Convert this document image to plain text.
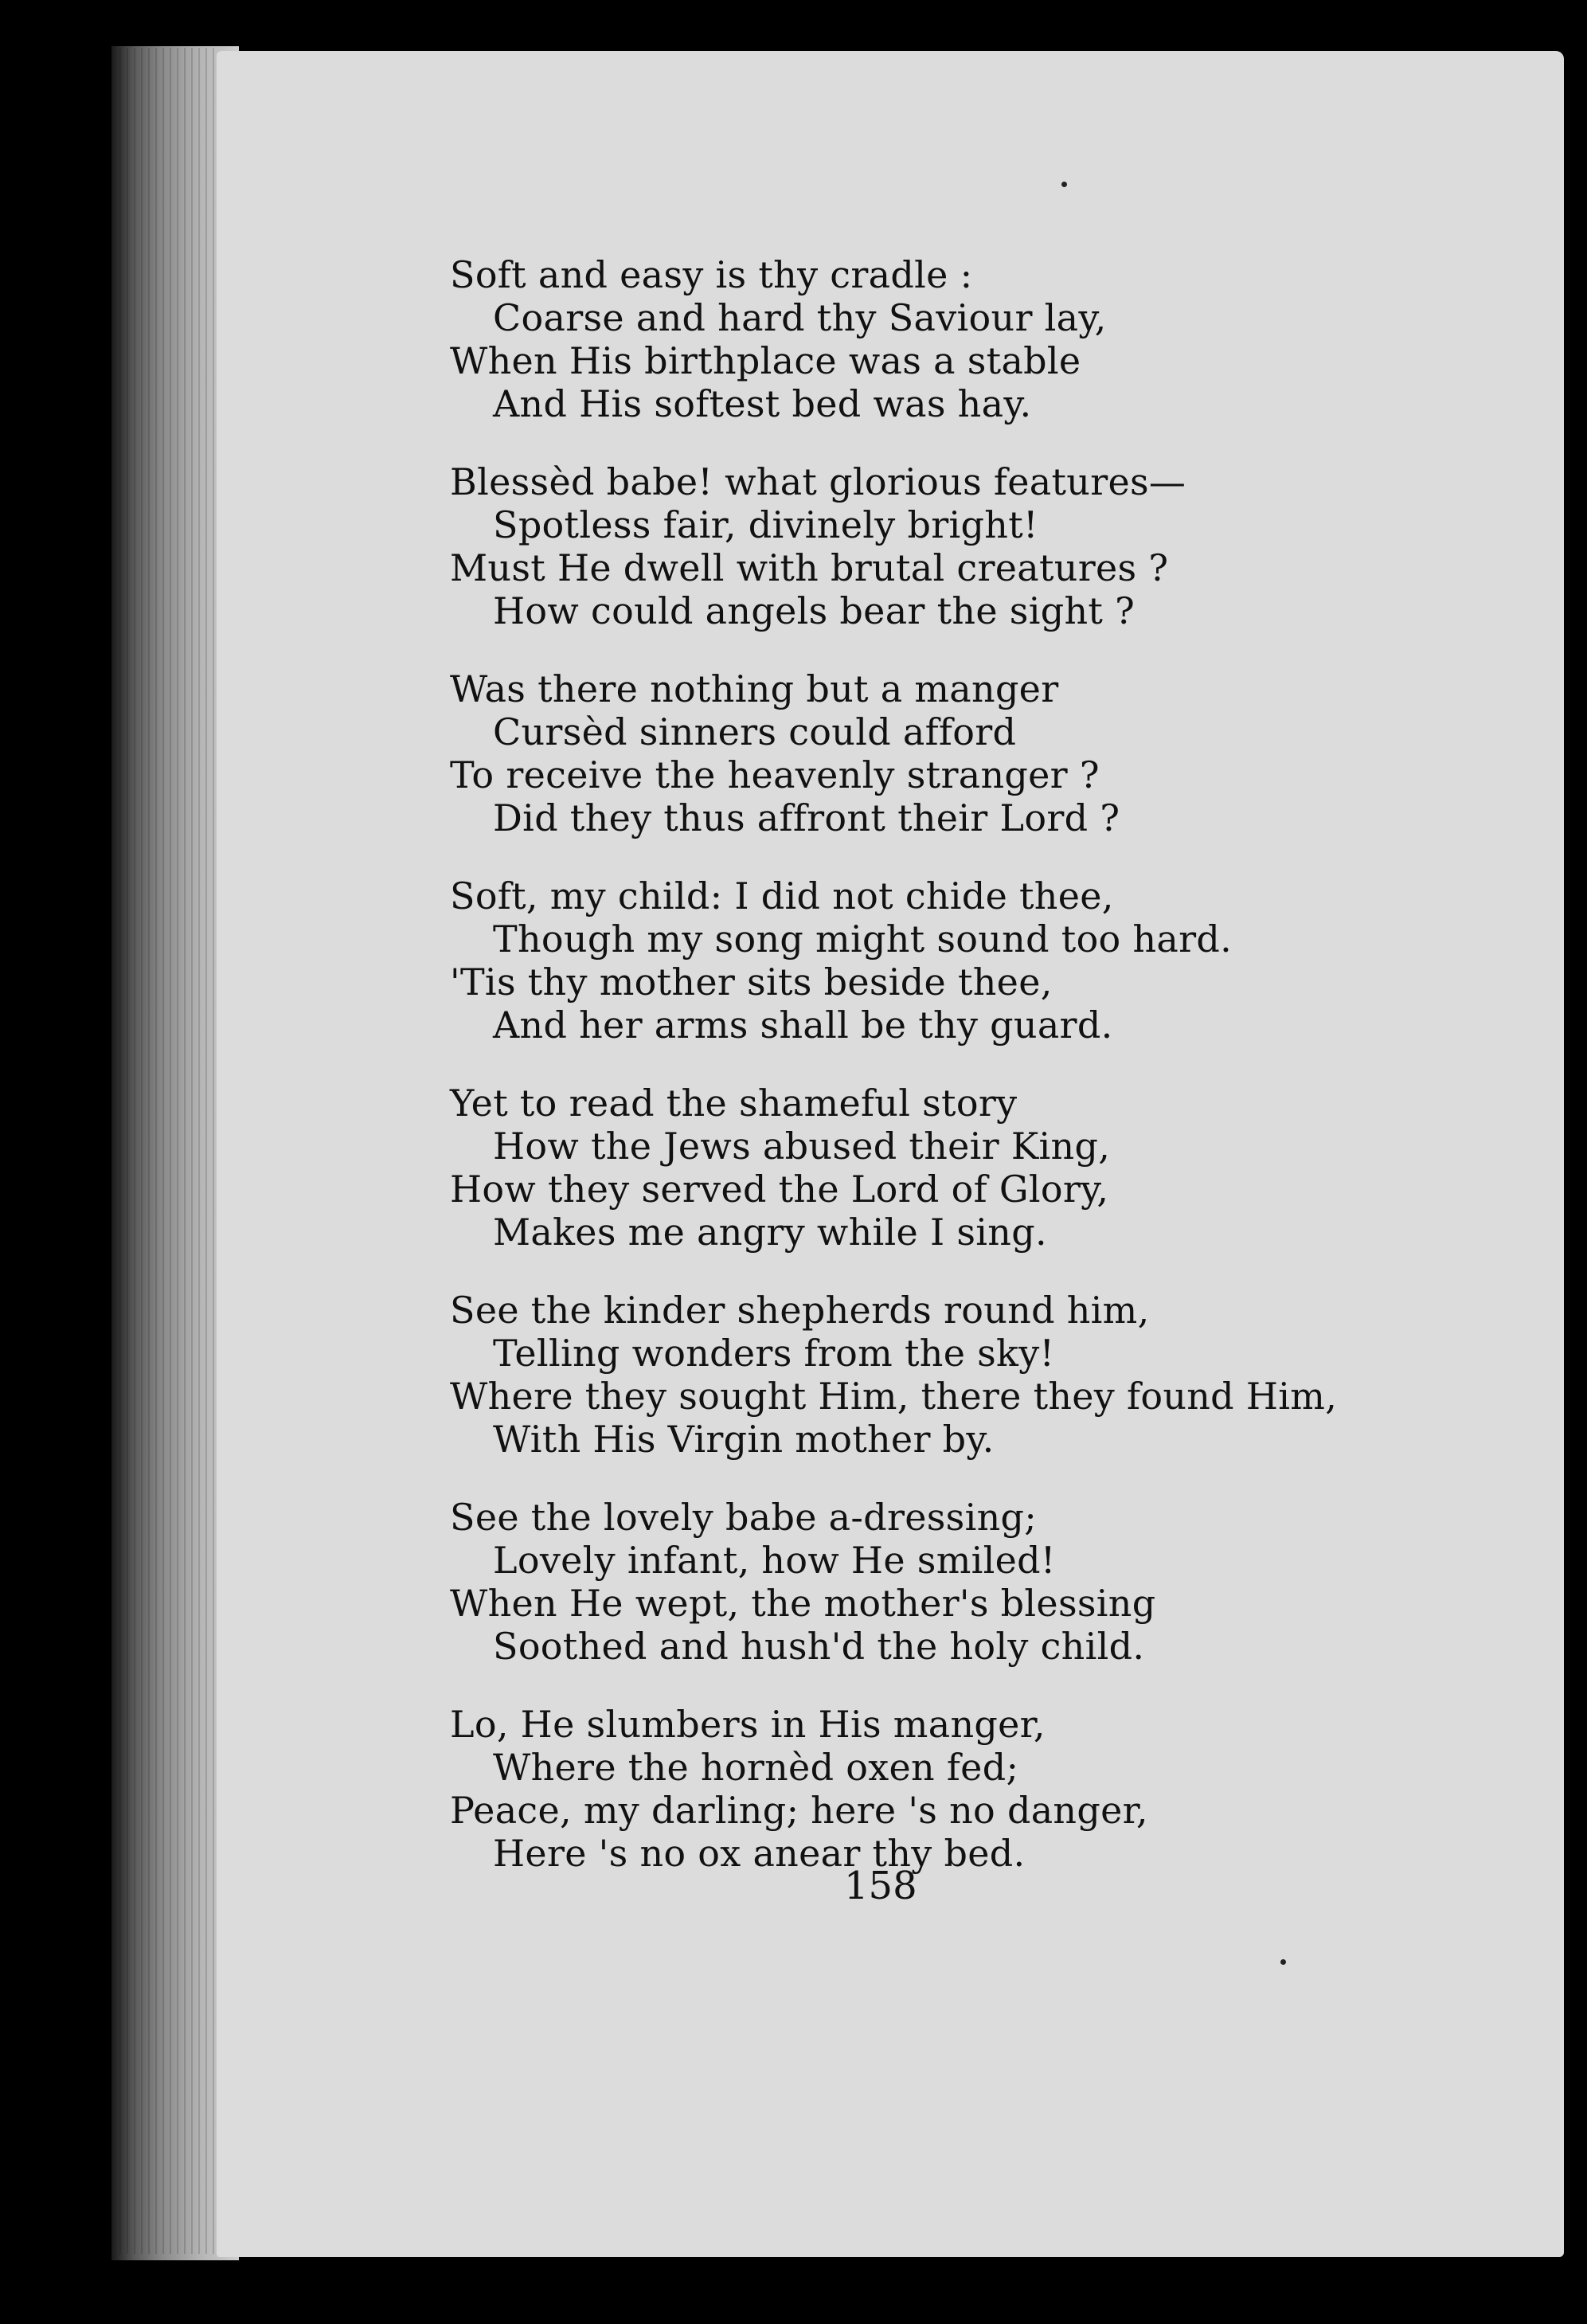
Soft and easy is thy cradle :
Coarse and hard thy Saviour lay,
When His birthplace was a stable
And His softest bed was hay.
Blessèd babe! what glorious features—
Spotless fair, divinely bright!
Must He dwell with brutal creatures ?
How could angels bear the sight ?
Was there nothing but a manger
Cursèd sinners could afford
To receive the heavenly stranger ?
Did they thus affront their Lord ?
Soft, my child: I did not chide thee,
Though my song might sound too hard.
'Tis thy mother sits beside thee,
And her arms shall be thy guard.
Yet to read the shameful story
How the Jews abused their King,
How they served the Lord of Glory,
Makes me angry while I sing.
See the kinder shepherds round him,
Telling wonders from the sky!
Where they sought Him, there they found Him,
With His Virgin mother by.
See the lovely babe a-dressing;
Lovely infant, how He smiled!
When He wept, the mother's blessing
Soothed and hush'd the holy child.
Lo, He slumbers in His manger,
Where the hornèd oxen fed;
Peace, my darling; here 's no danger,
Here 's no ox anear thy bed.
158
